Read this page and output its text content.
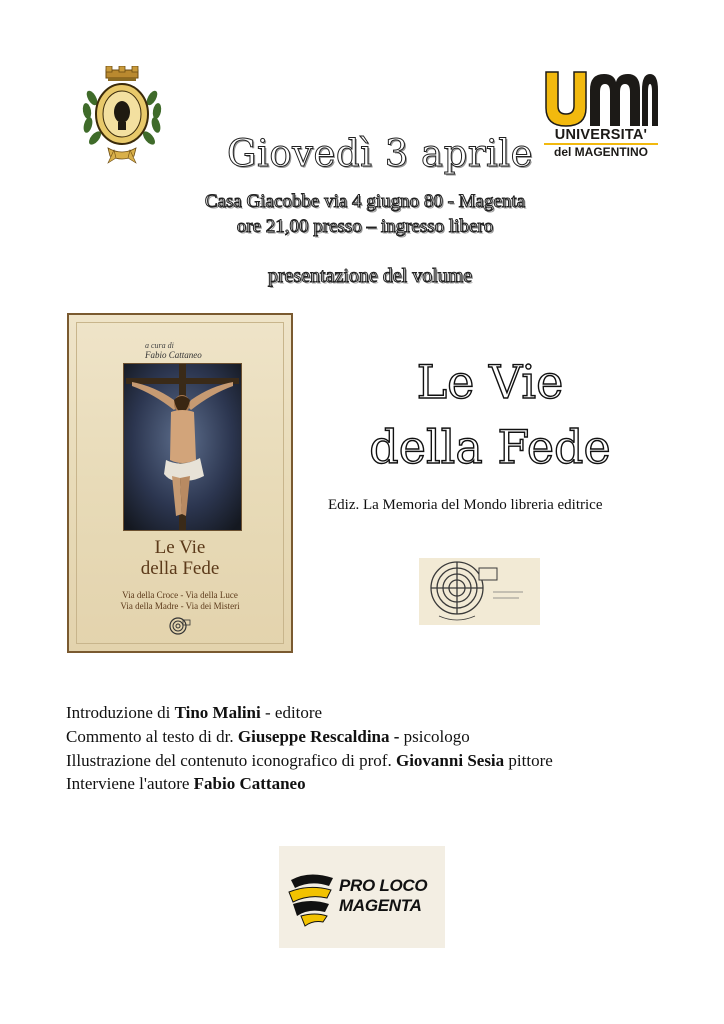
UNIVERSITA'
del MAGENTINO
Giovedì 3 aprile
Casa Giacobbe via 4 giugno 80 - Magenta
ore 21,00 presso – ingresso libero
presentazione del volume
a cura di
Fabio Cattaneo
Le Vie
della Fede
Via della Croce - Via della Luce
Via della Madre - Via dei Misteri
Le Vie
della Fede
Ediz. La Memoria del Mondo libreria editrice
Introduzione di Tino Malini - editore
Commento al testo di dr. Giuseppe Rescaldina - psicologo
Illustrazione del contenuto iconografico di prof. Giovanni Sesia pittore
Interviene l'autore Fabio Cattaneo
PRO LOCO
MAGENTA
